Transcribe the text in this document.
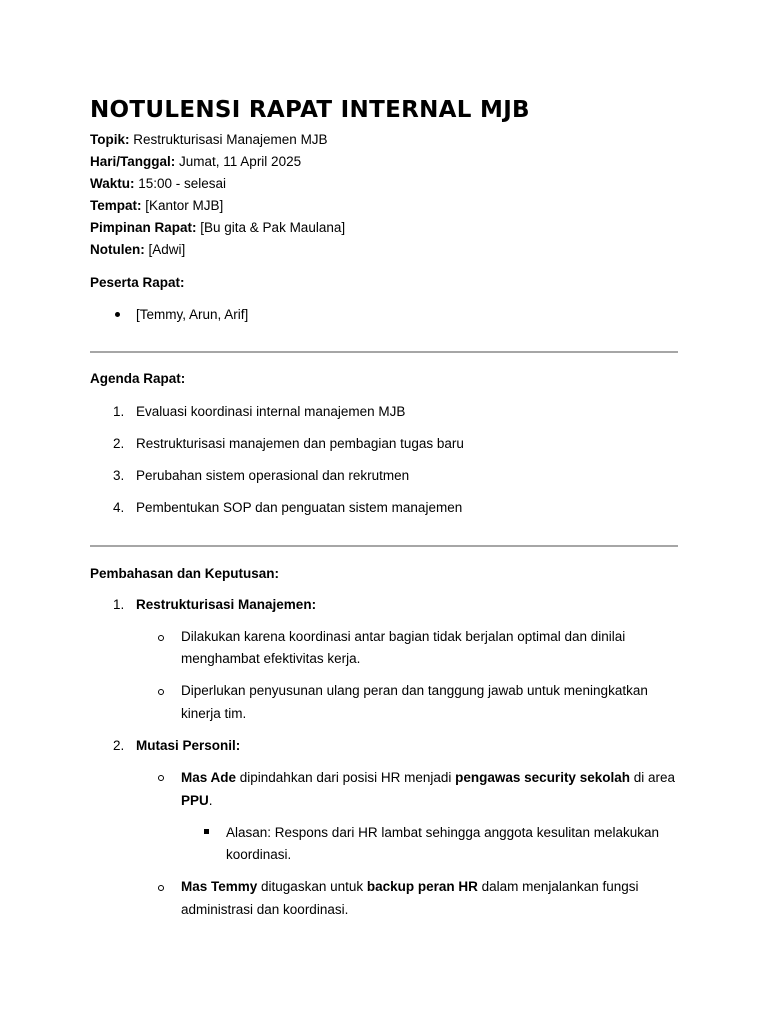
NOTULENSI RAPAT INTERNAL MJB
Topik: Restrukturisasi Manajemen MJB
Hari/Tanggal: Jumat, 11 April 2025
Waktu: 15:00 - selesai
Tempat: [Kantor MJB]
Pimpinan Rapat: [Bu gita & Pak Maulana]
Notulen: [Adwi]
Peserta Rapat:
[Temmy, Arun, Arif]
Agenda Rapat:
1. Evaluasi koordinasi internal manajemen MJB
2. Restrukturisasi manajemen dan pembagian tugas baru
3. Perubahan sistem operasional dan rekrutmen
4. Pembentukan SOP dan penguatan sistem manajemen
Pembahasan dan Keputusan:
1. Restrukturisasi Manajemen:
Dilakukan karena koordinasi antar bagian tidak berjalan optimal dan dinilai
menghambat efektivitas kerja.
Diperlukan penyusunan ulang peran dan tanggung jawab untuk meningkatkan
kinerja tim.
2. Mutasi Personil:
Mas Ade dipindahkan dari posisi HR menjadi pengawas security sekolah di area
PPU.
Alasan: Respons dari HR lambat sehingga anggota kesulitan melakukan
koordinasi.
Mas Temmy ditugaskan untuk backup peran HR dalam menjalankan fungsi
administrasi dan koordinasi.
